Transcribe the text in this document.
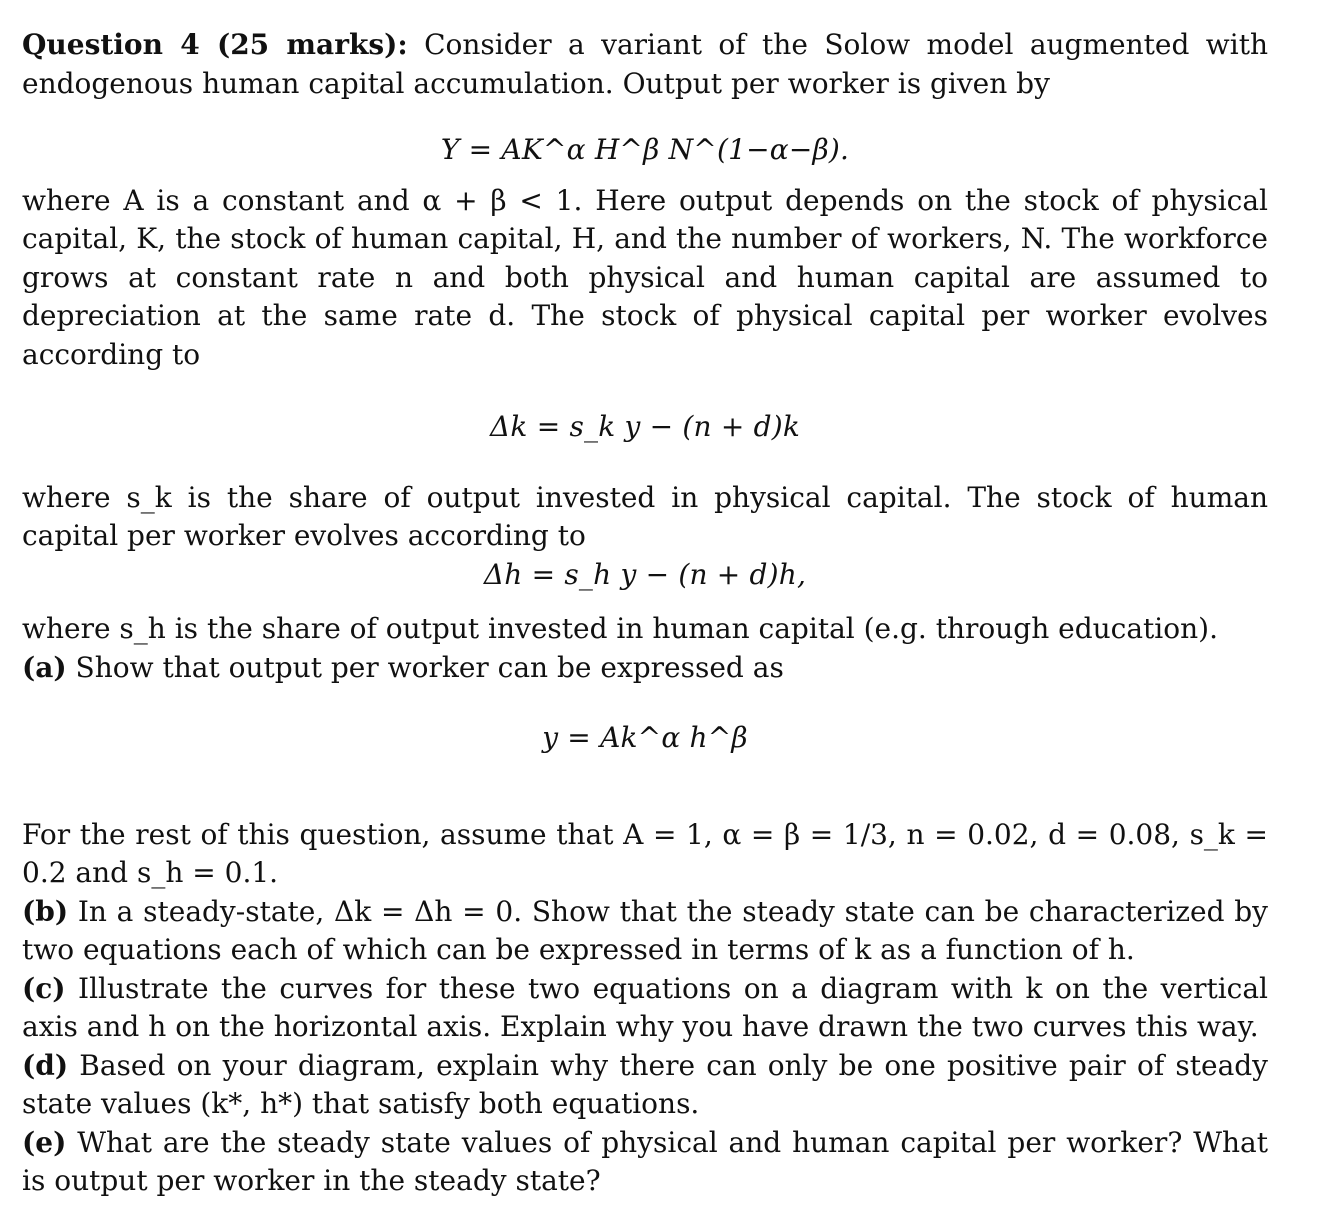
Question 4 (25 marks): Consider a variant of the Solow model augmented with endogenous human capital accumulation. Output per worker is given by

Y = AK^α H^β N^(1−α−β).

where A is a constant and α + β < 1. Here output depends on the stock of physical capital, K, the stock of human capital, H, and the number of workers, N. The workforce grows at constant rate n and both physical and human capital are assumed to depreciation at the same rate d. The stock of physical capital per worker evolves according to

Δk = s_k y − (n + d)k

where s_k is the share of output invested in physical capital. The stock of human capital per worker evolves according to

Δh = s_h y − (n + d)h,

where s_h is the share of output invested in human capital (e.g. through education).

(a) Show that output per worker can be expressed as

y = Ak^α h^β

For the rest of this question, assume that A = 1, α = β = 1/3, n = 0.02, d = 0.08, s_k = 0.2 and s_h = 0.1.

(b) In a steady-state, Δk = Δh = 0. Show that the steady state can be characterized by two equations each of which can be expressed in terms of k as a function of h.

(c) Illustrate the curves for these two equations on a diagram with k on the vertical axis and h on the horizontal axis. Explain why you have drawn the two curves this way.

(d) Based on your diagram, explain why there can only be one positive pair of steady state values (k*, h*) that satisfy both equations.

(e) What are the steady state values of physical and human capital per worker? What is output per worker in the steady state?
